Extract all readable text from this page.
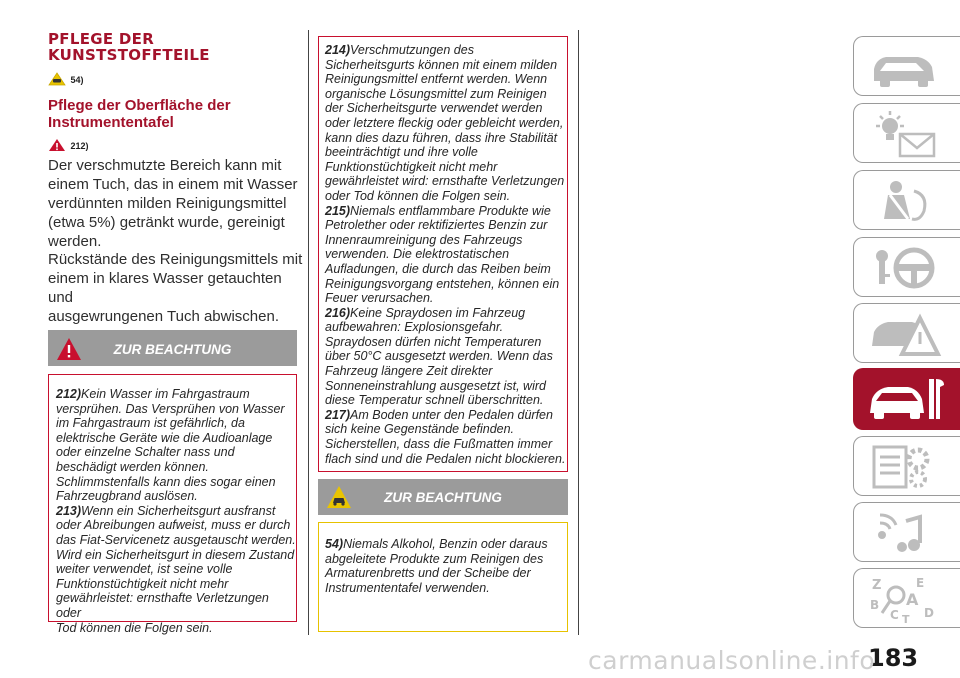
PFLEGE DER
KUNSTSTOFFTEILE
54)
Pflege der Oberfläche der
Instrumententafel
212)
Der verschmutzte Bereich kann mit
einem Tuch, das in einem mit Wasser
verdünnten milden Reinigungsmittel
(etwa 5%) getränkt wurde, gereinigt
werden.
Rückstände des Reinigungsmittels mit
einem in klares Wasser getauchten und
ausgewrungenen Tuch abwischen.
ZUR BEACHTUNG
212)Kein Wasser im Fahrgastraum
versprühen. Das Versprühen von Wasser
im Fahrgastraum ist gefährlich, da
elektrische Geräte wie die Audioanlage
oder einzelne Schalter nass und
beschädigt werden können.
Schlimmstenfalls kann dies sogar einen
Fahrzeugbrand auslösen.
213)Wenn ein Sicherheitsgurt ausfranst
oder Abreibungen aufweist, muss er durch
das Fiat-Servicenetz ausgetauscht werden.
Wird ein Sicherheitsgurt in diesem Zustand
weiter verwendet, ist seine volle
Funktionstüchtigkeit nicht mehr
gewährleistet: ernsthafte Verletzungen oder
Tod können die Folgen sein.
214)Verschmutzungen des
Sicherheitsgurts können mit einem milden
Reinigungsmittel entfernt werden. Wenn
organische Lösungsmittel zum Reinigen
der Sicherheitsgurte verwendet werden
oder letztere fleckig oder gebleicht werden,
kann dies dazu führen, dass ihre Stabilität
beeinträchtigt und ihre volle
Funktionstüchtigkeit nicht mehr
gewährleistet wird: ernsthafte Verletzungen
oder Tod können die Folgen sein.
215)Niemals entflammbare Produkte wie
Petrolether oder rektifiziertes Benzin zur
Innenraumreinigung des Fahrzeugs
verwenden. Die elektrostatischen
Aufladungen, die durch das Reiben beim
Reinigungsvorgang entstehen, können ein
Feuer verursachen.
216)Keine Spraydosen im Fahrzeug
aufbewahren: Explosionsgefahr.
Spraydosen dürfen nicht Temperaturen
über 50°C ausgesetzt werden. Wenn das
Fahrzeug längere Zeit direkter
Sonneneinstrahlung ausgesetzt ist, wird
diese Temperatur schnell überschritten.
217)Am Boden unter den Pedalen dürfen
sich keine Gegenstände befinden.
Sicherstellen, dass die Fußmatten immer
flach sind und die Pedalen nicht blockieren.
ZUR BEACHTUNG
54)Niemals Alkohol, Benzin oder daraus
abgeleitete Produkte zum Reinigen des
Armaturenbretts und der Scheibe der
Instrumententafel verwenden.	Z	E
B A
D
C T
183
carmanualsonline.info
